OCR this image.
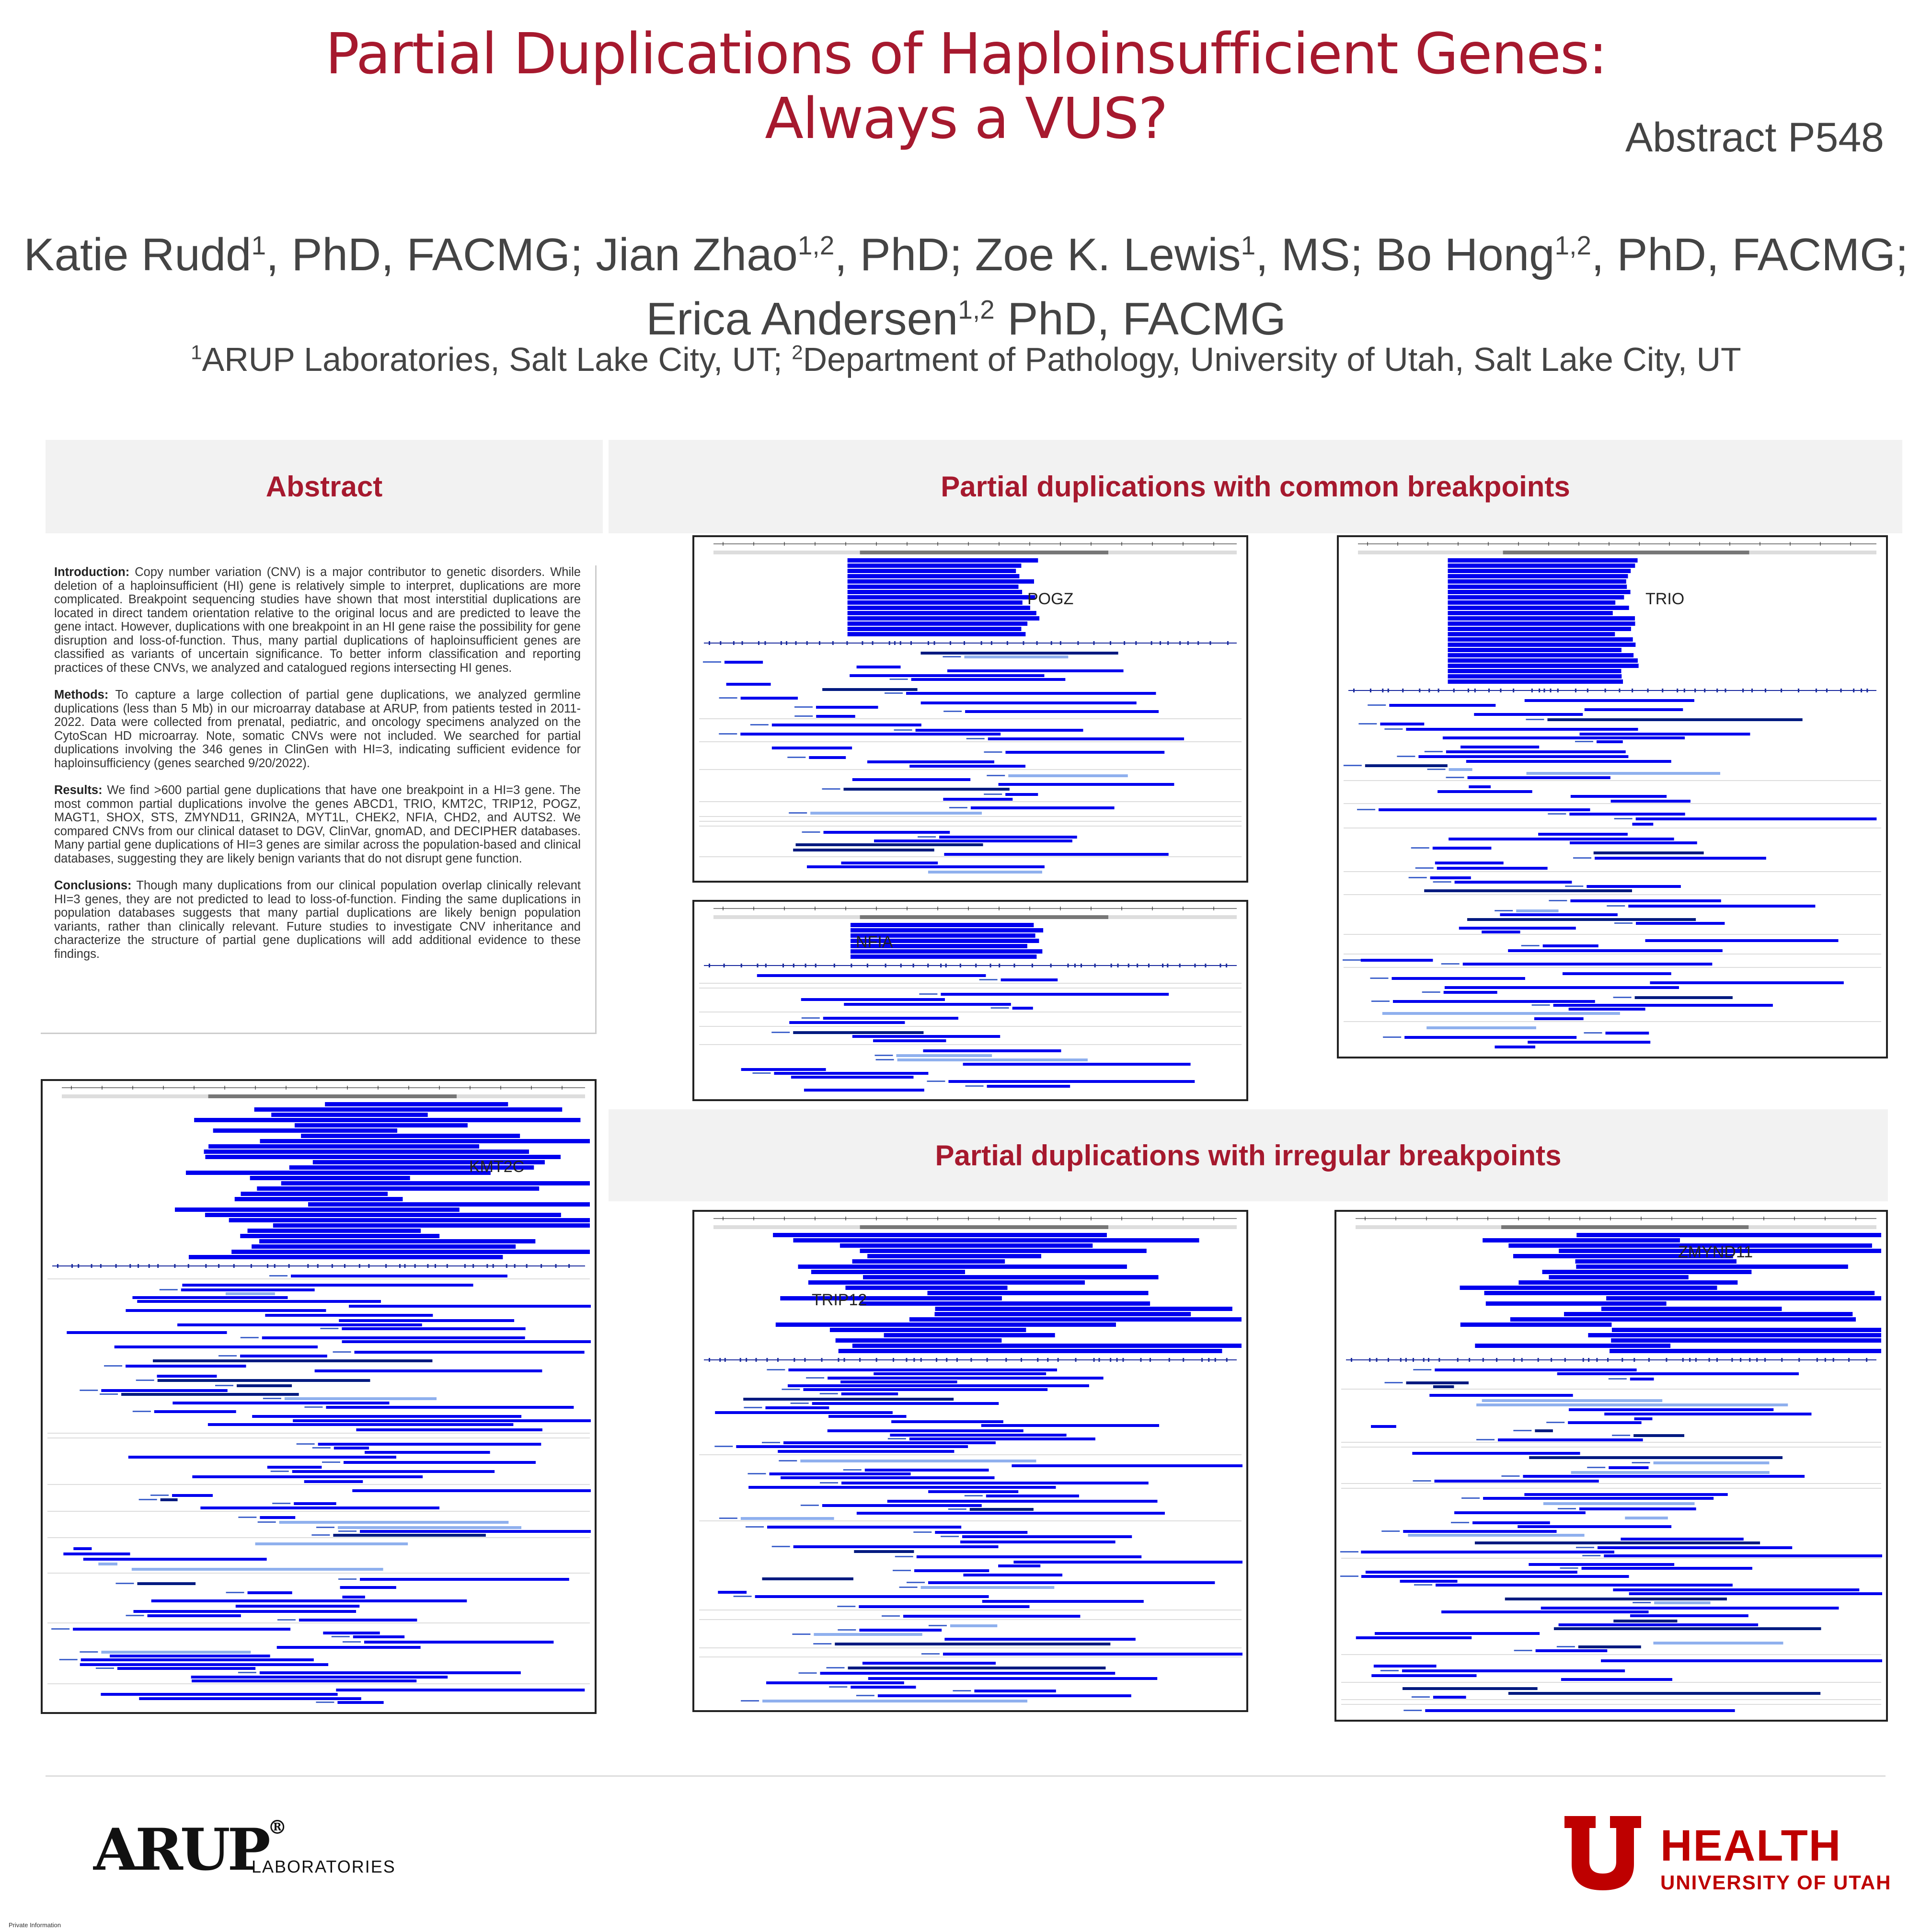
Partial Duplications of Haploinsufficient Genes:
Always a VUS?	Abstract P548
Katie Rudd$^1$, PhD, FACMG; Jian Zhao$^{1,2}$, PhD; Zoe K. Lewis$^1$, MS; Bo Hong$^{1,2}$, PhD, FACMG;
Erica Andersen$^{1,2}$ PhD, FACMG
$^1$ARUP Laboratories, Salt Lake City, UT; $^2$Department of Pathology, University of Utah, Salt Lake City, UT
Abstract	Partial duplications with common breakpoints
Partial duplications with irregular breakpoints

Introduction: Copy number variation (CNV) is a major contributor to genetic disorders. While deletion of a haploinsufficient (HI) gene is relatively simple to interpret, duplications are more complicated. Breakpoint sequencing studies have shown that most interstitial duplications are located in direct tandem orientation relative to the original locus and are predicted to leave the gene intact. However, duplications with one breakpoint in an HI gene raise the possibility for gene disruption and loss-of-function. Thus, many partial duplications of haploinsufficient genes are classified as variants of uncertain significance. To better inform classification and reporting practices of these CNVs, we analyzed and catalogued regions intersecting HI genes.

Methods: To capture a large collection of partial gene duplications, we analyzed germline duplications (less than 5 Mb) in our microarray database at ARUP, from patients tested in 2011-2022. Data were collected from prenatal, pediatric, and oncology specimens analyzed on the CytoScan HD microarray. Note, somatic CNVs were not included. We searched for partial duplications involving the 346 genes in ClinGen with HI=3, indicating sufficient evidence for haploinsufficiency (genes searched 9/20/2022).

Results: We find >600 partial gene duplications that have one breakpoint in a HI=3 gene. The most common partial duplications involve the genes ABCD1, TRIO, KMT2C, TRIP12, POGZ, MAGT1, SHOX, STS, ZMYND11, GRIN2A, MYT1L, CHEK2, NFIA, CHD2, and AUTS2. We compared CNVs from our clinical dataset to DGV, ClinVar, gnomAD, and DECIPHER databases. Many partial gene duplications of HI=3 genes are similar across the population-based and clinical databases, suggesting they are likely benign variants that do not disrupt gene function.

Conclusions: Though many duplications from our clinical population overlap clinically relevant HI=3 genes, they are not predicted to lead to loss-of-function. Finding the same duplications in population databases suggests that many partial duplications are likely benign population variants, rather than clinically relevant. Future studies to investigate CNV inheritance and characterize the structure of partial gene duplications will add additional evidence to these findings.

POGZ	TRIO
NFIA
KMT2C
TRIP12
ZMYND11
ARUP®
LABORATORIES	HEALTH
UNIVERSITY OF UTAH
Private Information
